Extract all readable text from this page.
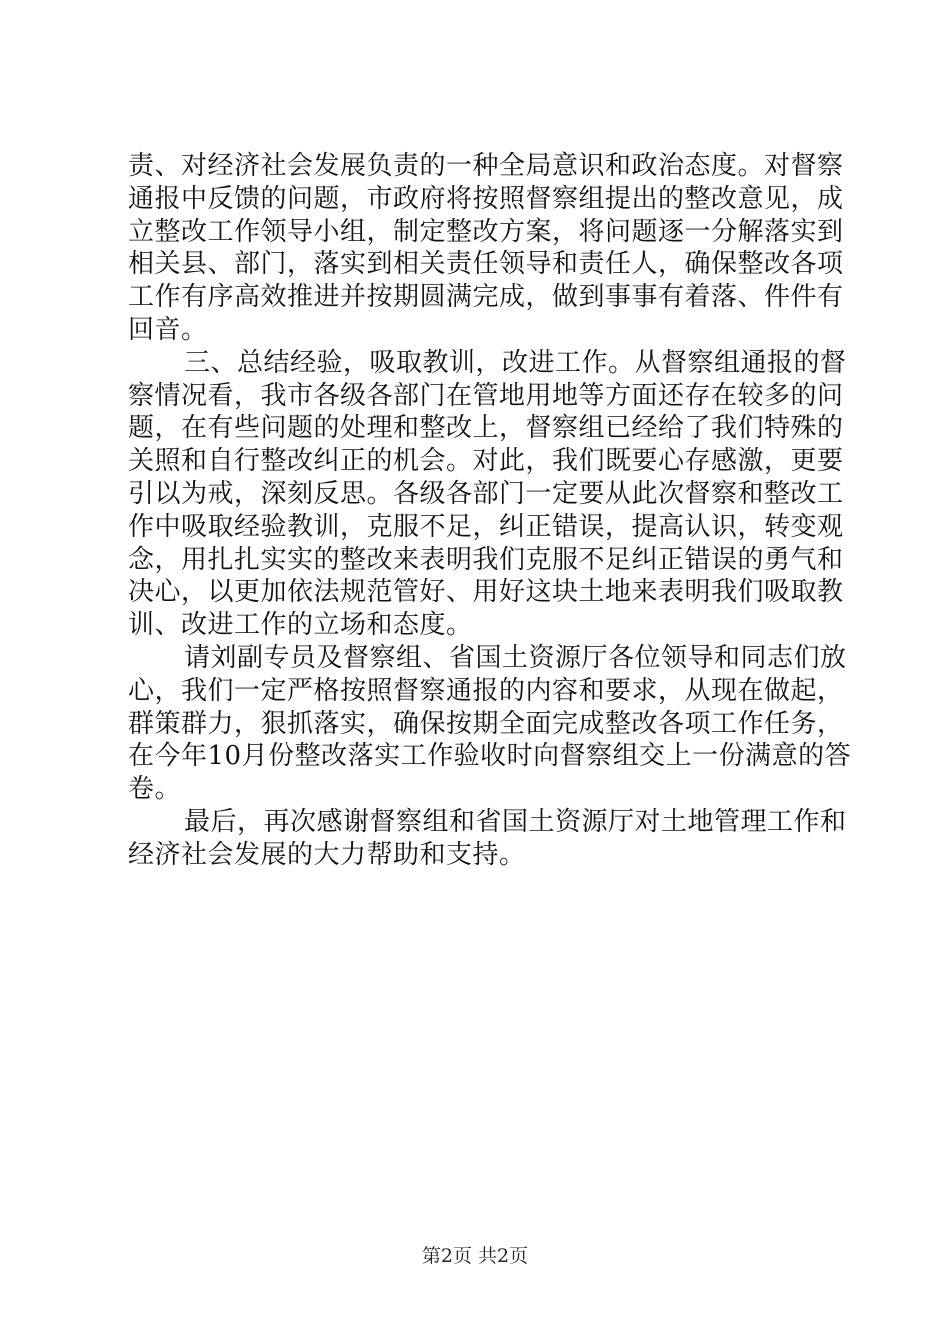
责、对经济社会发展负责的一种全局意识和政治态度。对督察
通报中反馈的问题，市政府将按照督察组提出的整改意见，成
立整改工作领导小组，制定整改方案，将问题逐一分解落实到
相关县、部门，落实到相关责任领导和责任人，确保整改各项
工作有序高效推进并按期圆满完成，做到事事有着落、件件有
回音。
三、总结经验，吸取教训，改进工作。从督察组通报的督
察情况看，我市各级各部门在管地用地等方面还存在较多的问
题，在有些问题的处理和整改上，督察组已经给了我们特殊的
关照和自行整改纠正的机会。对此，我们既要心存感激，更要
引以为戒，深刻反思。各级各部门一定要从此次督察和整改工
作中吸取经验教训，克服不足，纠正错误，提高认识，转变观
念，用扎扎实实的整改来表明我们克服不足纠正错误的勇气和
决心，以更加依法规范管好、用好这块土地来表明我们吸取教
训、改进工作的立场和态度。
请刘副专员及督察组、省国土资源厅各位领导和同志们放
心，我们一定严格按照督察通报的内容和要求，从现在做起，
群策群力，狠抓落实，确保按期全面完成整改各项工作任务，
在今年10月份整改落实工作验收时向督察组交上一份满意的答
卷。
最后，再次感谢督察组和省国土资源厅对土地管理工作和
经济社会发展的大力帮助和支持。
第2页 共2页
